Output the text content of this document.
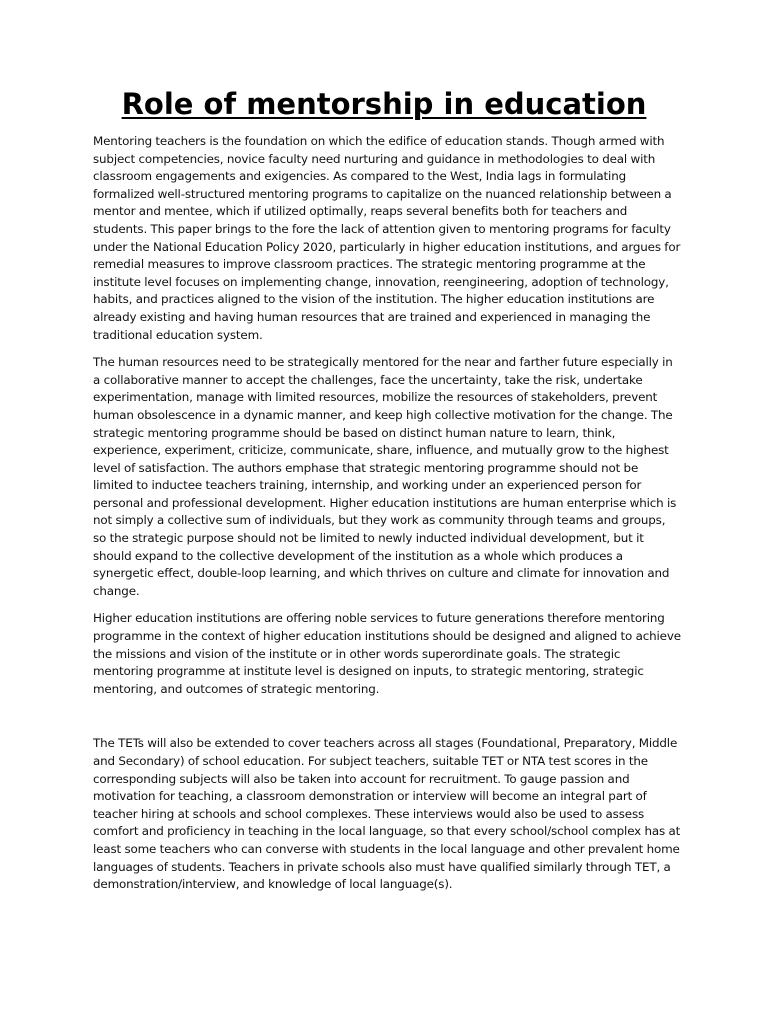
Role of mentorship in education

Mentoring teachers is the foundation on which the edifice of education stands. Though armed with subject competencies, novice faculty need nurturing and guidance in methodologies to deal with classroom engagements and exigencies. As compared to the West, India lags in formulating formalized well-structured mentoring programs to capitalize on the nuanced relationship between a mentor and mentee, which if utilized optimally, reaps several benefits both for teachers and students. This paper brings to the fore the lack of attention given to mentoring programs for faculty under the National Education Policy 2020, particularly in higher education institutions, and argues for remedial measures to improve classroom practices. The strategic mentoring programme at the institute level focuses on implementing change, innovation, reengineering, adoption of technology, habits, and practices aligned to the vision of the institution. The higher education institutions are already existing and having human resources that are trained and experienced in managing the traditional education system.

The human resources need to be strategically mentored for the near and farther future especially in a collaborative manner to accept the challenges, face the uncertainty, take the risk, undertake experimentation, manage with limited resources, mobilize the resources of stakeholders, prevent human obsolescence in a dynamic manner, and keep high collective motivation for the change. The strategic mentoring programme should be based on distinct human nature to learn, think, experience, experiment, criticize, communicate, share, influence, and mutually grow to the highest level of satisfaction. The authors emphase that strategic mentoring programme should not be limited to inductee teachers training, internship, and working under an experienced person for personal and professional development. Higher education institutions are human enterprise which is not simply a collective sum of individuals, but they work as community through teams and groups, so the strategic purpose should not be limited to newly inducted individual development, but it should expand to the collective development of the institution as a whole which produces a synergetic effect, double-loop learning, and which thrives on culture and climate for innovation and change.

Higher education institutions are offering noble services to future generations therefore mentoring programme in the context of higher education institutions should be designed and aligned to achieve the missions and vision of the institute or in other words superordinate goals. The strategic mentoring programme at institute level is designed on inputs, to strategic mentoring, strategic mentoring, and outcomes of strategic mentoring.

The TETs will also be extended to cover teachers across all stages (Foundational, Preparatory, Middle and Secondary) of school education. For subject teachers, suitable TET or NTA test scores in the corresponding subjects will also be taken into account for recruitment. To gauge passion and motivation for teaching, a classroom demonstration or interview will become an integral part of teacher hiring at schools and school complexes. These interviews would also be used to assess comfort and proficiency in teaching in the local language, so that every school/school complex has at least some teachers who can converse with students in the local language and other prevalent home languages of students. Teachers in private schools also must have qualified similarly through TET, a demonstration/interview, and knowledge of local language(s).
